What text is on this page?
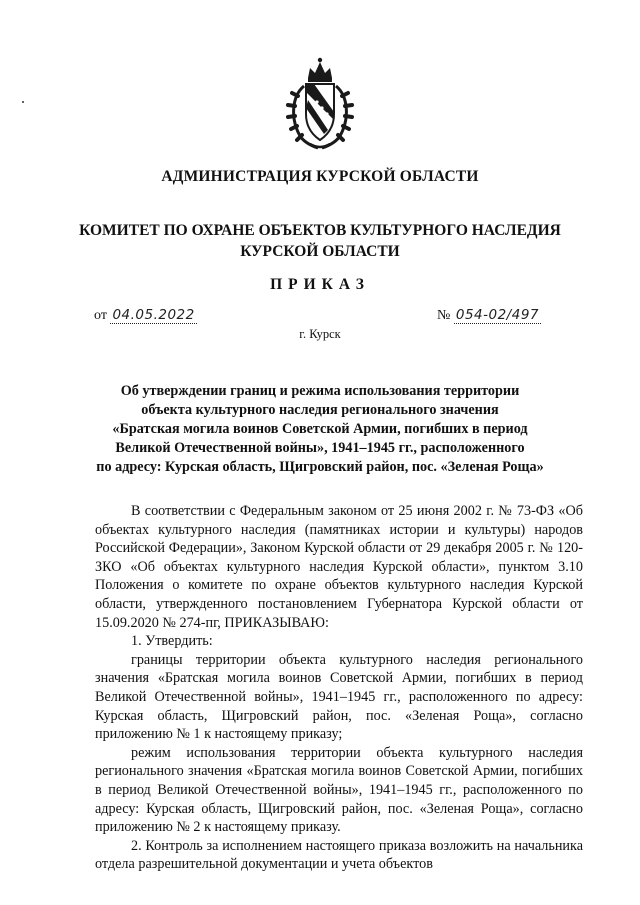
АДМИНИСТРАЦИЯ КУРСКОЙ ОБЛАСТИ
КОМИТЕТ ПО ОХРАНЕ ОБЪЕКТОВ КУЛЬТУРНОГО НАСЛЕДИЯ
КУРСКОЙ ОБЛАСТИ
ПРИКАЗ
от 04.05.2022	№ 054-02/497
г. Курск
Об утверждении границ и режима использования территории
объекта культурного наследия регионального значения
«Братская могила воинов Советской Армии, погибших в период
Великой Отечественной войны», 1941–1945 гг., расположенного
по адресу: Курская область, Щигровский район, пос. «Зеленая Роща»

В соответствии с Федеральным законом от 25 июня 2002 г. № 73-ФЗ «Об объектах культурного наследия (памятниках истории и культуры) народов Российской Федерации», Законом Курской области от 29 декабря 2005 г. № 120-ЗКО «Об объектах культурного наследия Курской области», пунктом 3.10 Положения о комитете по охране объектов культурного наследия Курской области, утвержденного постановлением Губернатора Курской области от 15.09.2020 № 274-пг, ПРИКАЗЫВАЮ:

1. Утвердить:

границы территории объекта культурного наследия регионального значения «Братская могила воинов Советской Армии, погибших в период Великой Отечественной войны», 1941–1945 гг., расположенного по адресу: Курская область, Щигровский район, пос. «Зеленая Роща», согласно приложению № 1 к настоящему приказу;

режим использования территории объекта культурного наследия регионального значения «Братская могила воинов Советской Армии, погибших в период Великой Отечественной войны», 1941–1945 гг., расположенного по адресу: Курская область, Щигровский район, пос. «Зеленая Роща», согласно приложению № 2 к настоящему приказу.

2. Контроль за исполнением настоящего приказа возложить на начальника отдела разрешительной документации и учета объектов
